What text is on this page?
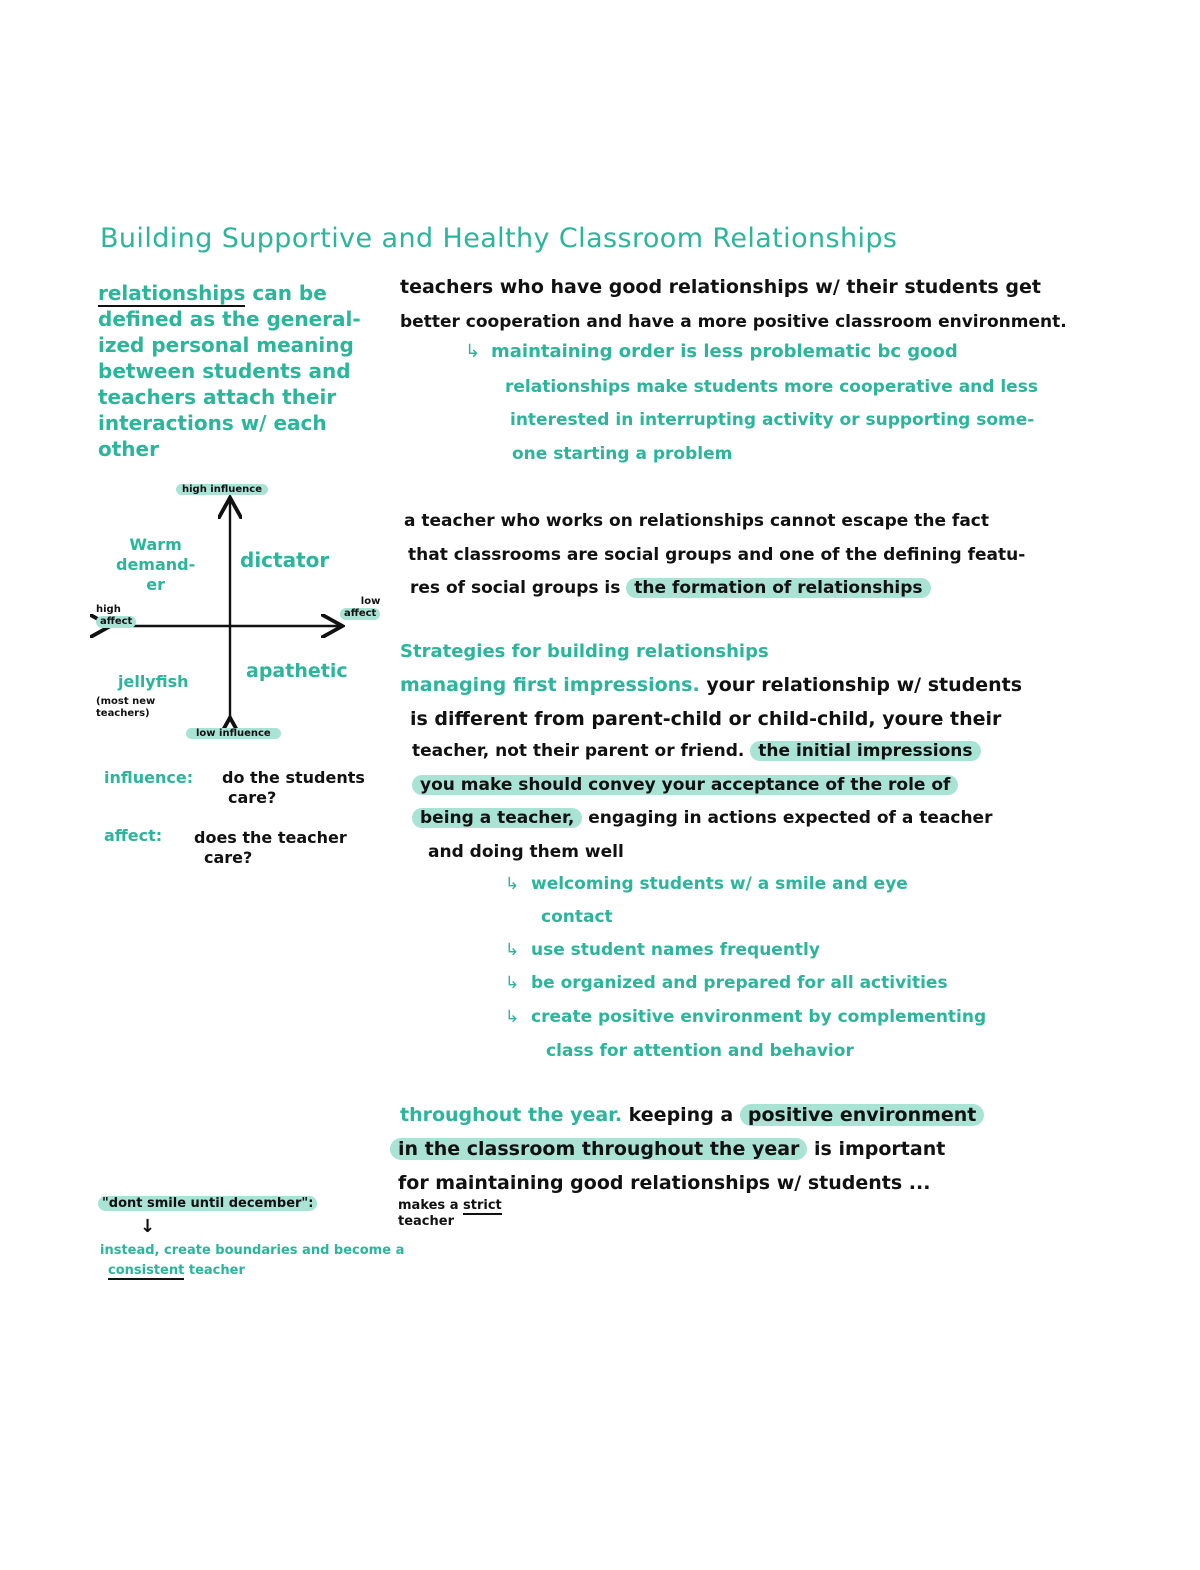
Building Supportive and Healthy Classroom Relationships
relationships can be
defined as the general-
ized personal meaning
between students and
teachers attach their
interactions w/ each
other
teachers who have good relationships w/ their students get
better cooperation and have a more positive classroom environment.
↳ maintaining order is less problematic bc good
relationships make students more cooperative and less
interested in interrupting activity or supporting some-
one starting a problem
a teacher who works on relationships cannot escape the fact
that classrooms are social groups and one of the defining featu-
res of social groups is the formation of relationships
Strategies for building relationships
managing first impressions. your relationship w/ students
is different from parent-child or child-child, youre their
teacher, not their parent or friend. the initial impressions
you make should convey your acceptance of the role of
being a teacher, engaging in actions expected of a teacher
and doing them well
↳ welcoming students w/ a smile and eye
contact
↳ use student names frequently
↳ be organized and prepared for all activities
↳ create positive environment by complementing
class for attention and behavior
throughout the year. keeping a positive environment
in the classroom throughout the year is important
for maintaining good relationships w/ students ...
"dont smile until december":	makes a strict
teacher
↓
instead, create boundaries and become a
consistent teacher
high influence
low influence
high
affect
low
affect
Warm
demand-
er
dictator
jellyfish
(most new
teachers)
apathetic
influence: do the students
care?
affect: does the teacher
care?
